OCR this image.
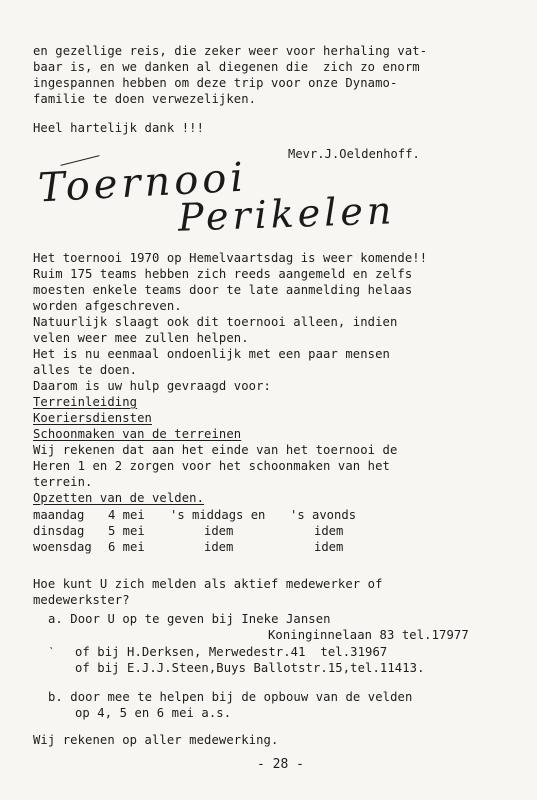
en gezellige reis, die zeker weer voor herhaling vat-
baar is, en we danken al diegenen die  zich zo enorm
ingespannen hebben om deze trip voor onze Dynamo-
familie te doen verwezelijken.
Heel hartelijk dank !!!
Mevr.J.Oeldenhoff.
Toernooi
Perikelen
Het toernooi 1970 op Hemelvaartsdag is weer komende!!
Ruim 175 teams hebben zich reeds aangemeld en zelfs
moesten enkele teams door te late aanmelding helaas
worden afgeschreven.
Natuurlijk slaagt ook dit toernooi alleen, indien
velen weer mee zullen helpen.
Het is nu eenmaal ondoenlijk met een paar mensen
alles te doen.
Daarom is uw hulp gevraagd voor:
Terreinleiding
Koeriersdiensten
Schoonmaken van de terreinen
Wij rekenen dat aan het einde van het toernooi de
Heren 1 en 2 zorgen voor het schoonmaken van het
terrein.
Opzetten van de velden.
maandag 4 mei 's middags en 's avonds
dinsdag 5 mei	idem	idem
woensdag 6 mei	idem	idem
Hoe kunt U zich melden als aktief medewerker of
medewerkster?
a. Door U op te geven bij Ineke Jansen
Koninginnelaan 83 tel.17977
ˋ of bij H.Derksen, Merwedestr.41  tel.31967
of bij E.J.J.Steen,Buys Ballotstr.15,tel.11413.
b. door mee te helpen bij de opbouw van de velden
op 4, 5 en 6 mei a.s.
Wij rekenen op aller medewerking.
- 28 -
